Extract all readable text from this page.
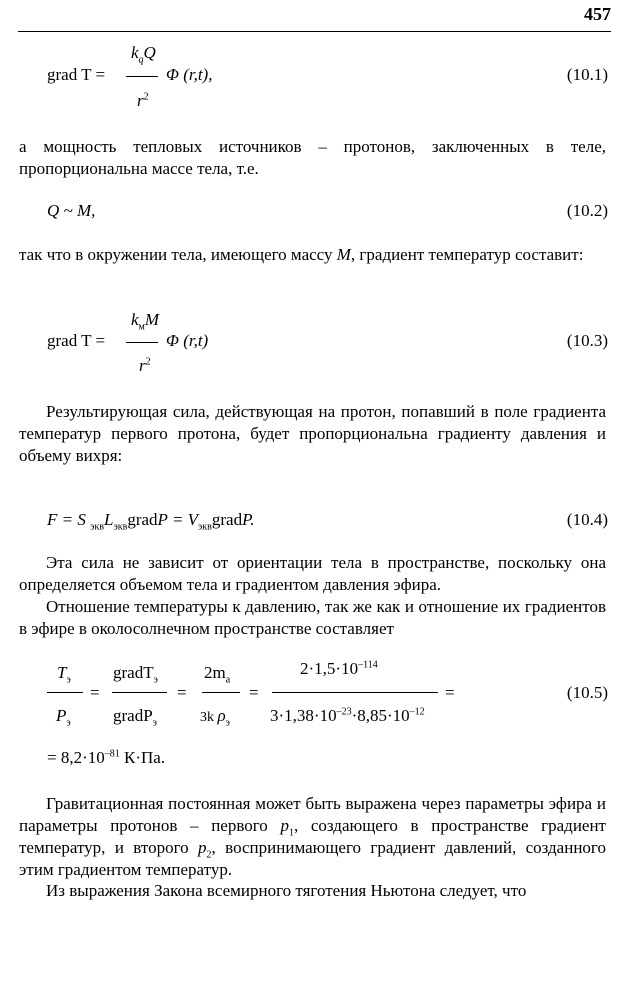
457
grad T =
$k_qQ$
$r^2$
Φ (r,t),	(10.1)
а мощность тепловых источников – протонов, заключенных в теле, пропорциональна массе тела, т.е.
Q ~ M,	(10.2)
так что в окружении тела, имеющего массу M, градиент температур составит:
grad T =
$k_мM$
$r^2$
Φ (r,t)	(10.3)
Результирующая сила, действующая на протон, попавший в поле градиента температур первого протона, будет пропорциональна градиенту давления и объему вихря:
F = S $_{экв}L_{экв}gradP$ = $V_{экв}gradP$.	(10.4)
Эта сила не зависит от ориентации тела в пространстве, поскольку она определяется объемом тела и градиентом давления эфира.
Отношение температуры к давлению, так же как и отношение их градиентов в эфире в околосолнечном пространстве составляет
$T_э$
$P_э$
=
gradT$_э$
gradP$_э$
=
$2m_а$
3k $\rho_э$
=
$2\cdot 1,5\cdot 10^{-114}$
$3\cdot 1,38\cdot 10^{-23}\cdot 8,85\cdot 10^{-12}$
=	(10.5)
= $8,2\cdot 10^{-81}$ К·Па.
Гравитационная постоянная может быть выражена через параметры эфира и параметры протонов – первого $p_1$, создающего в пространстве градиент температур, и второго $p_2$, воспринимающего градиент давлений, созданного этим градиентом температур.
Из выражения Закона всемирного тяготения Ньютона следует, что
